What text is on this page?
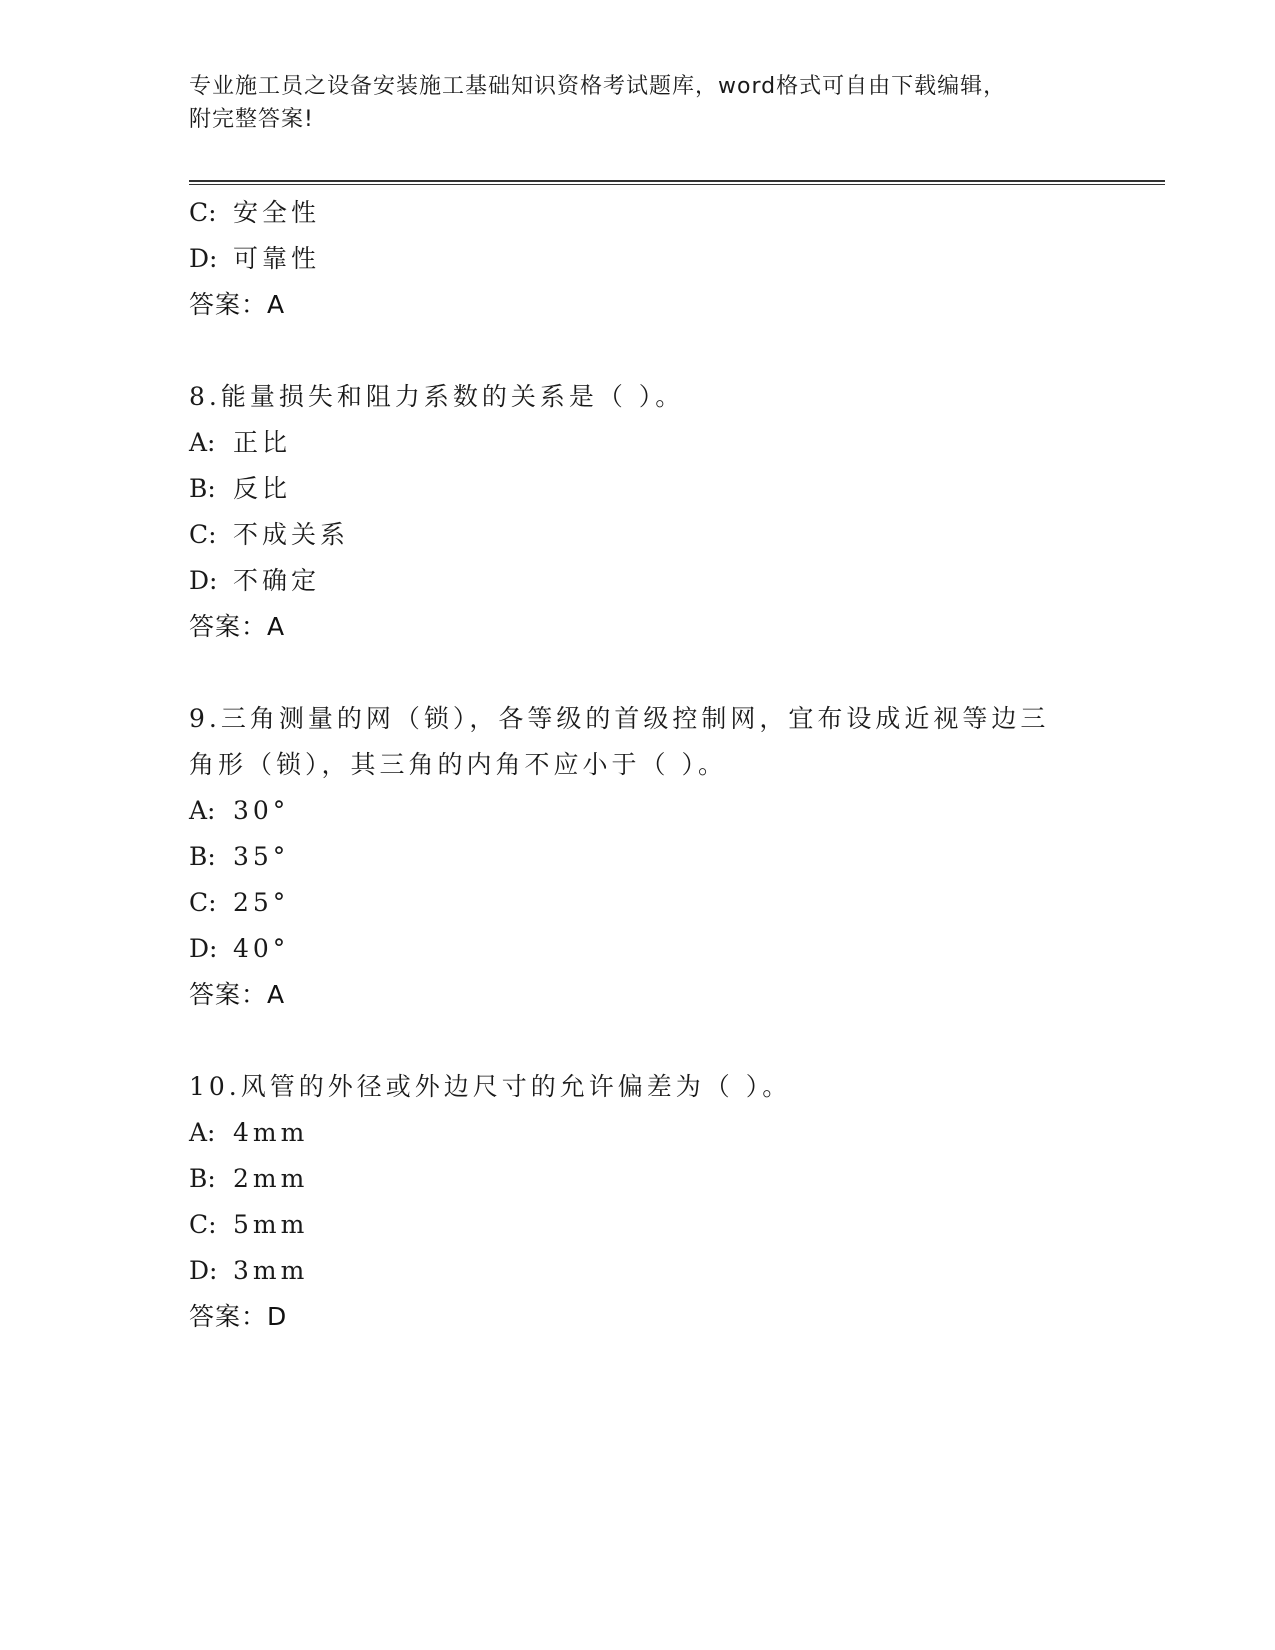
专业施工员之设备安装施工基础知识资格考试题库，word格式可自由下载编辑，
附完整答案!
C: 安全性
D: 可靠性
答案：A
8.能量损失和阻力系数的关系是（ ）。
A: 正比
B: 反比
C: 不成关系
D: 不确定
答案：A
9.三角测量的网（锁），各等级的首级控制网，宜布设成近视等边三
角形（锁），其三角的内角不应小于（ ）。
A: 30°
B: 35°
C: 25°
D: 40°
答案：A
10.风管的外径或外边尺寸的允许偏差为（ ）。
A: 4mm
B: 2mm
C: 5mm
D: 3mm
答案：D
